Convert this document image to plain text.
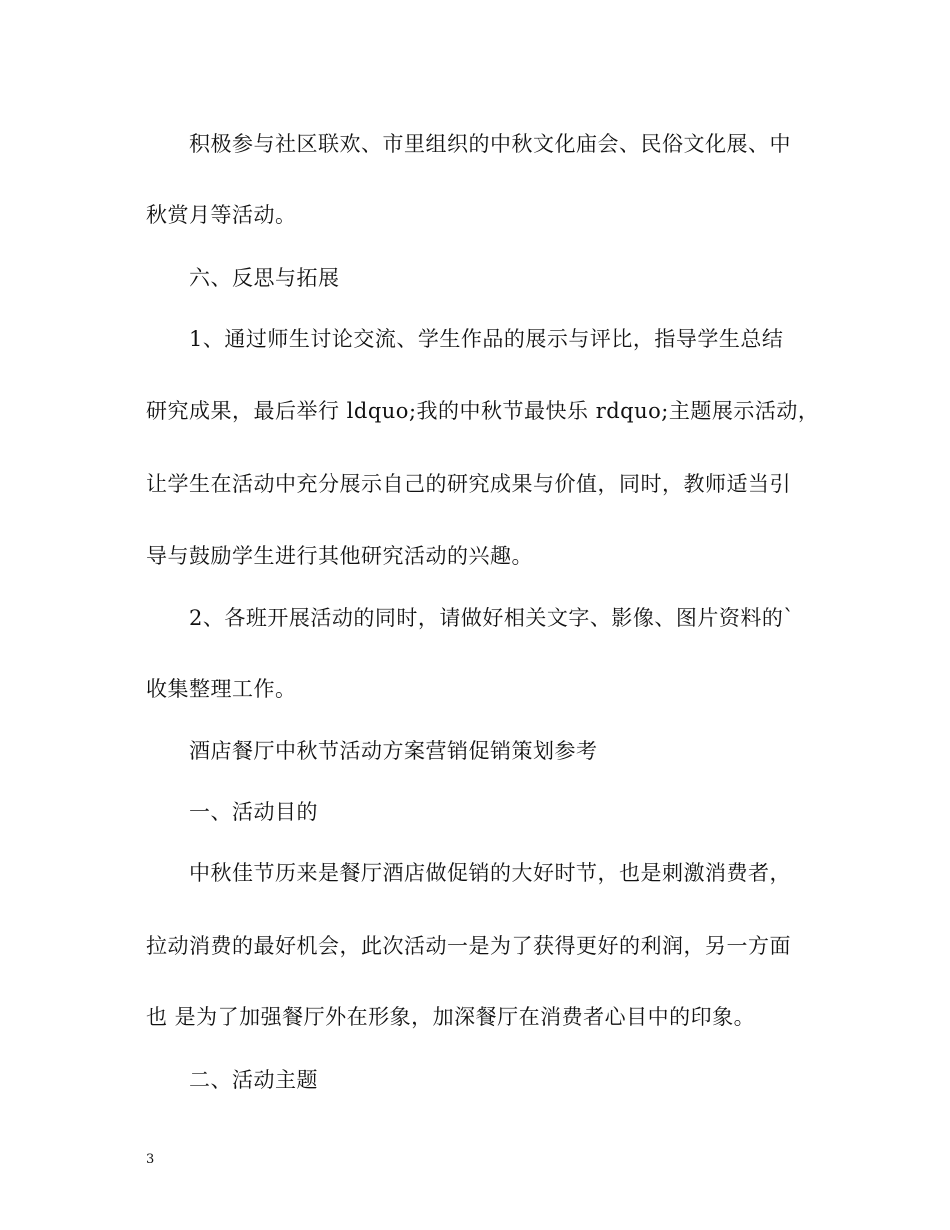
积极参与社区联欢、市里组织的中秋文化庙会、民俗文化展、中
秋赏月等活动。
六、反思与拓展
1、通过师生讨论交流、学生作品的展示与评比，指导学生总结
研究成果，最后举行 ldquo;我的中秋节最快乐 rdquo;主题展示活动，
让学生在活动中充分展示自己的研究成果与价值，同时，教师适当引
导与鼓励学生进行其他研究活动的兴趣。
2、各班开展活动的同时，请做好相关文字、影像、图片资料的`
收集整理工作。
酒店餐厅中秋节活动方案营销促销策划参考
一、活动目的
中秋佳节历来是餐厅酒店做促销的大好时节，也是刺激消费者，
拉动消费的最好机会，此次活动一是为了获得更好的利润，另一方面
也 是为了加强餐厅外在形象，加深餐厅在消费者心目中的印象。
二、活动主题
3
